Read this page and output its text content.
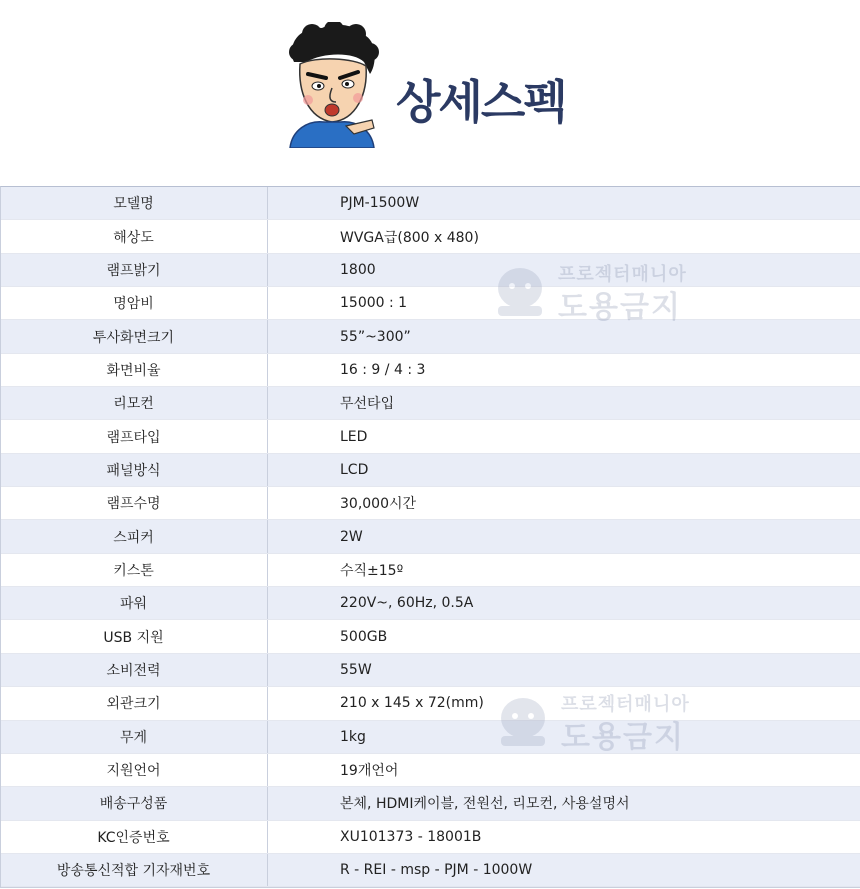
상세스펙
모델명	PJM-1500W
해상도	WVGA급(800 x 480)
램프밝기	1800
명암비	15000 : 1
투사화면크기	55”~300”
화면비율	16 : 9 / 4 : 3
리모컨	무선타입
램프타입	LED
패널방식	LCD
램프수명	30,000시간
스피커	2W
키스톤	수직±15º
파워	220V~, 60Hz, 0.5A
USB 지원	500GB
소비전력	55W
외관크기	210 x 145 x 72(mm)
무게	1kg
지원언어	19개언어
배송구성품	본체, HDMI케이블, 전원선, 리모컨, 사용설명서
KC인증번호	XU101373 - 18001B
방송통신적합 기자재번호	R - REI - msp - PJM - 1000W
프로젝터매니아
도용금지
프로젝터매니아
도용금지
